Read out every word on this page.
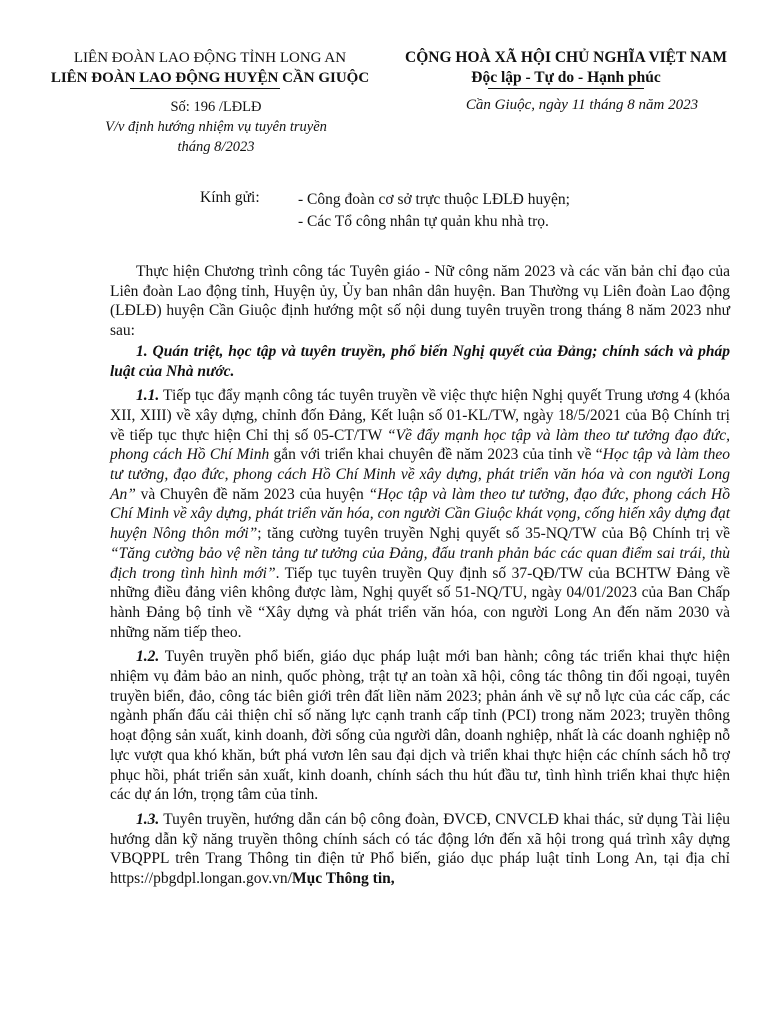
LIÊN ĐOÀN LAO ĐỘNG TỈNH LONG AN
LIÊN ĐOÀN LAO ĐỘNG HUYỆN CẦN GIUỘC
CỘNG HOÀ XÃ HỘI CHỦ NGHĨA VIỆT NAM
Độc lập - Tự do - Hạnh phúc
Số: 196 /LĐLĐ
V/v định hướng nhiệm vụ tuyên truyền
tháng 8/2023
Cần Giuộc, ngày 11 tháng 8 năm 2023
Kính gửi: - Công đoàn cơ sở trực thuộc LĐLĐ huyện;
- Các Tổ công nhân tự quản khu nhà trọ.

Thực hiện Chương trình công tác Tuyên giáo - Nữ công năm 2023 và các văn bản chỉ đạo của Liên đoàn Lao động tỉnh, Huyện ủy, Ủy ban nhân dân huyện. Ban Thường vụ Liên đoàn Lao động (LĐLĐ) huyện Cần Giuộc định hướng một số nội dung tuyên truyền trong tháng 8 năm 2023 như sau:

1. Quán triệt, học tập và tuyên truyền, phổ biến Nghị quyết của Đảng; chính sách và pháp luật của Nhà nước.

1.1. Tiếp tục đẩy mạnh công tác tuyên truyền về việc thực hiện Nghị quyết Trung ương 4 (khóa XII, XIII) về xây dựng, chỉnh đốn Đảng, Kết luận số 01-KL/TW, ngày 18/5/2021 của Bộ Chính trị về tiếp tục thực hiện Chỉ thị số 05-CT/TW “Về đẩy mạnh học tập và làm theo tư tưởng đạo đức, phong cách Hồ Chí Minh gắn với triển khai chuyên đề năm 2023 của tỉnh về “Học tập và làm theo tư tưởng, đạo đức, phong cách Hồ Chí Minh về xây dựng, phát triển văn hóa và con người Long An” và Chuyên đề năm 2023 của huyện “Học tập và làm theo tư tưởng, đạo đức, phong cách Hồ Chí Minh về xây dựng, phát triển văn hóa, con người Cần Giuộc khát vọng, cống hiến xây dựng đạt huyện Nông thôn mới”; tăng cường tuyên truyền Nghị quyết số 35-NQ/TW của Bộ Chính trị về “Tăng cường bảo vệ nền tảng tư tưởng của Đảng, đấu tranh phản bác các quan điểm sai trái, thù địch trong tình hình mới”. Tiếp tục tuyên truyền Quy định số 37-QĐ/TW của BCHTW Đảng về những điều đảng viên không được làm, Nghị quyết số 51-NQ/TU, ngày 04/01/2023 của Ban Chấp hành Đảng bộ tỉnh về “Xây dựng và phát triển văn hóa, con người Long An đến năm 2030 và những năm tiếp theo.

1.2. Tuyên truyền phổ biến, giáo dục pháp luật mới ban hành; công tác triển khai thực hiện nhiệm vụ đảm bảo an ninh, quốc phòng, trật tự an toàn xã hội, công tác thông tin đối ngoại, tuyên truyền biển, đảo, công tác biên giới trên đất liền năm 2023; phản ánh về sự nỗ lực của các cấp, các ngành phấn đấu cải thiện chỉ số năng lực cạnh tranh cấp tỉnh (PCI) trong năm 2023; truyền thông hoạt động sản xuất, kinh doanh, đời sống của người dân, doanh nghiệp, nhất là các doanh nghiệp nỗ lực vượt qua khó khăn, bứt phá vươn lên sau đại dịch và triển khai thực hiện các chính sách hỗ trợ phục hồi, phát triển sản xuất, kinh doanh, chính sách thu hút đầu tư, tình hình triển khai thực hiện các dự án lớn, trọng tâm của tỉnh.

1.3. Tuyên truyền, hướng dẫn cán bộ công đoàn, ĐVCĐ, CNVCLĐ khai thác, sử dụng Tài liệu hướng dẫn kỹ năng truyền thông chính sách có tác động lớn đến xã hội trong quá trình xây dựng VBQPPL trên Trang Thông tin điện tử Phổ biến, giáo dục pháp luật tỉnh Long An, tại địa chỉ https://pbgdpl.longan.gov.vn/Mục Thông tin,
